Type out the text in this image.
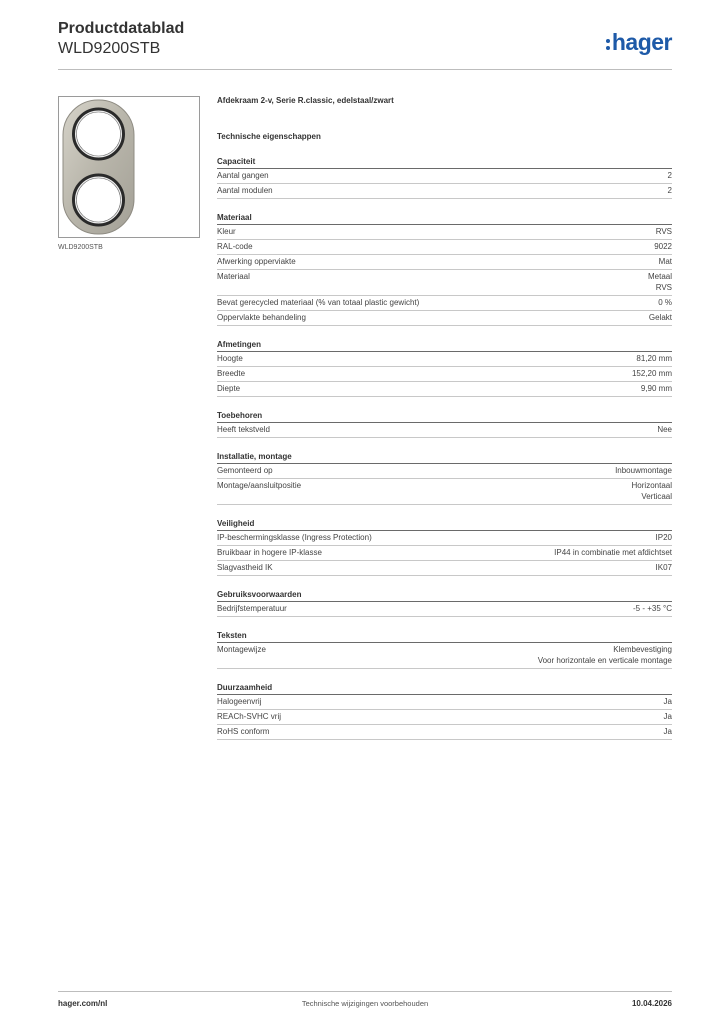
Productdatablad
WLD9200STB	hager
WLD9200STB
Afdekraam 2-v, Serie R.classic, edelstaal/zwart
Technische eigenschappen
Capaciteit
Aantal gangen	2
Aantal modulen	2
Materiaal
Kleur	RVS
RAL-code	9022
Afwerking opperviakte	Mat
Materiaal	Metaal
RVS
Bevat gerecycled materiaal (% van totaal plastic gewicht)	0 %
Oppervlakte behandeling	Gelakt
Afmetingen
Hoogte	81,20 mm
Breedte	152,20 mm
Diepte	9,90 mm
Toebehoren
Heeft tekstveld	Nee
Installatie, montage
Gemonteerd op	Inbouwmontage
Montage/aansluitpositie	Horizontaal
Verticaal
Veiligheid
IP-beschermingsklasse (Ingress Protection)	IP20
Bruikbaar in hogere IP-klasse	IP44 in combinatie met afdichtset
Slagvastheid IK	IK07
Gebruiksvoorwaarden
Bedrijfstemperatuur	-5 - +35 °C
Teksten
Montagewijze	Klembevestiging
Voor horizontale en verticale montage
Duurzaamheid
Halogeenvrij	Ja
REACh-SVHC vrij	Ja
RoHS conform	Ja
hager.com/nl	Technische wijzigingen voorbehouden	10.04.2026
